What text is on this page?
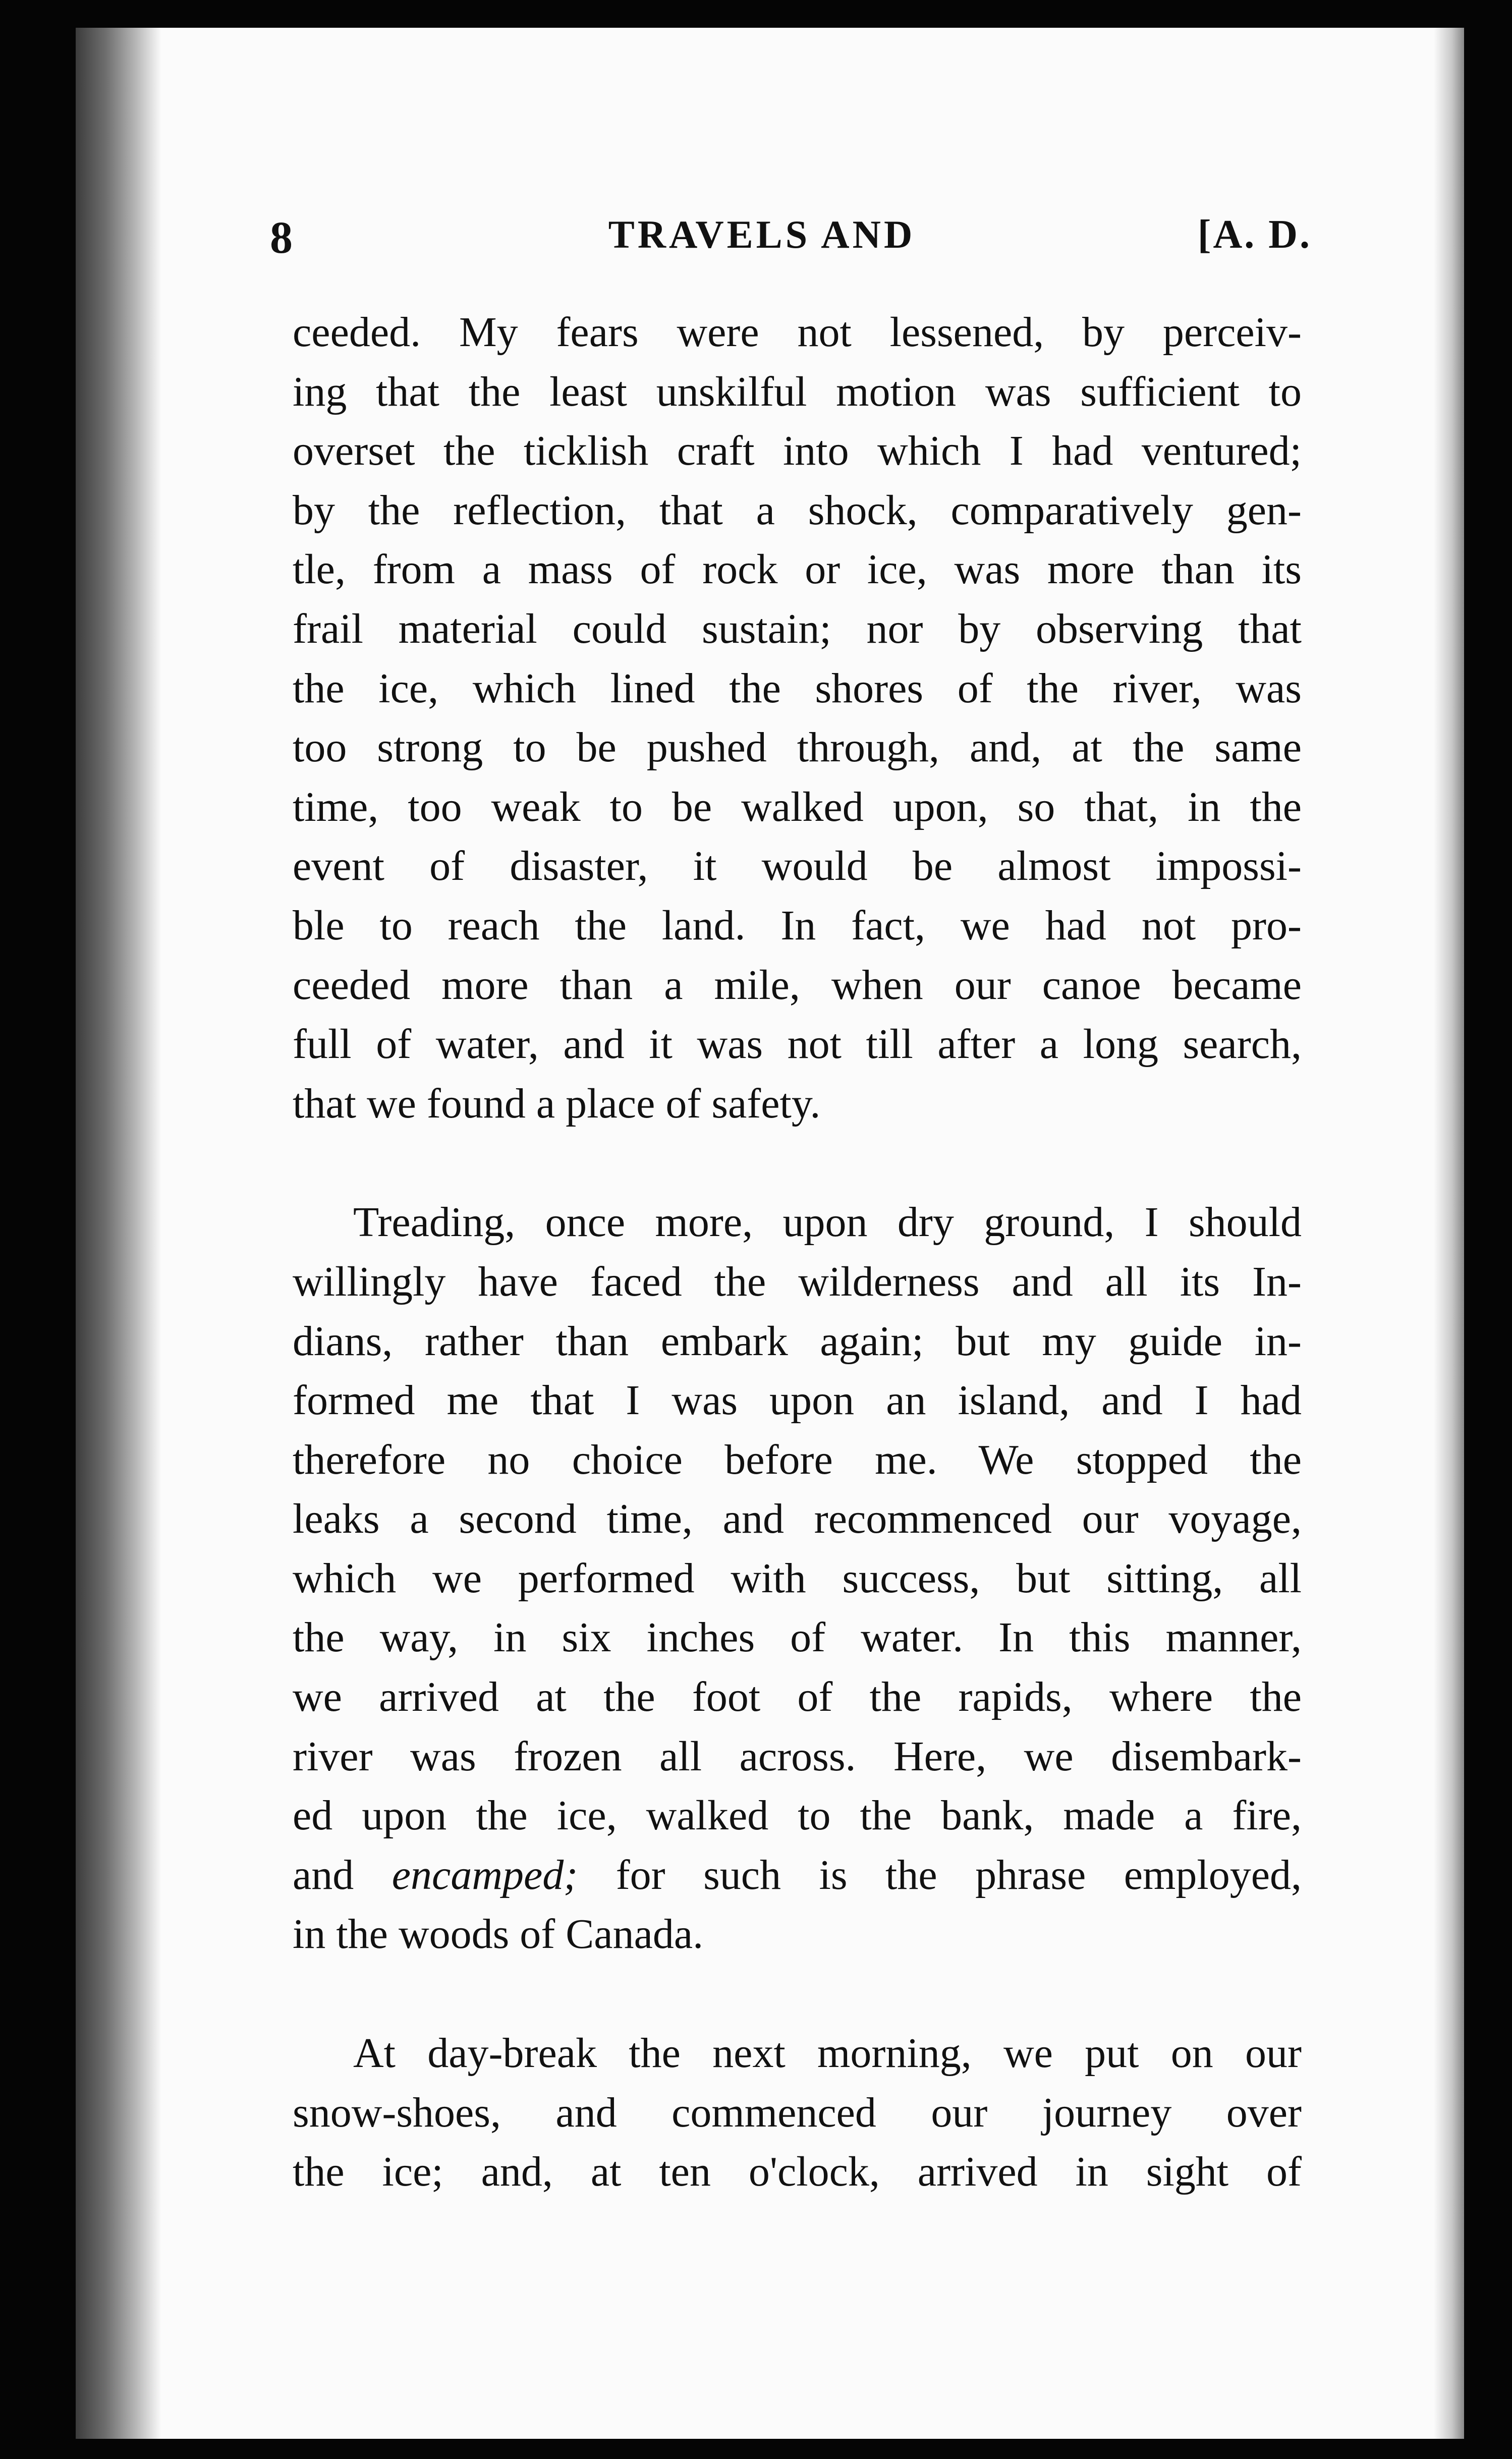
TRAVELS AND
8	[A. D.
ceeded. My fears were not lessened, by perceiv-
ing that the least unskilful motion was sufficient to
overset the ticklish craft into which I had ventured;
by the reflection, that a shock, comparatively gen-
tle, from a mass of rock or ice, was more than its
frail material could sustain; nor by observing that
the ice, which lined the shores of the river, was
too strong to be pushed through, and, at the same
time, too weak to be walked upon, so that, in the
event of disaster, it would be almost impossi-
ble to reach the land. In fact, we had not pro-
ceeded more than a mile, when our canoe became
full of water, and it was not till after a long search,
that we found a place of safety.
Treading, once more, upon dry ground, I should
willingly have faced the wilderness and all its In-
dians, rather than embark again; but my guide in-
formed me that I was upon an island, and I had
therefore no choice before me. We stopped the
leaks a second time, and recommenced our voyage,
which we performed with success, but sitting, all
the way, in six inches of water. In this manner,
we arrived at the foot of the rapids, where the
river was frozen all across. Here, we disembark-
ed upon the ice, walked to the bank, made a fire,
and encamped; for such is the phrase employed,
in the woods of Canada.
At day-break the next morning, we put on our
snow-shoes, and commenced our journey over
the ice; and, at ten o'clock, arrived in sight of
